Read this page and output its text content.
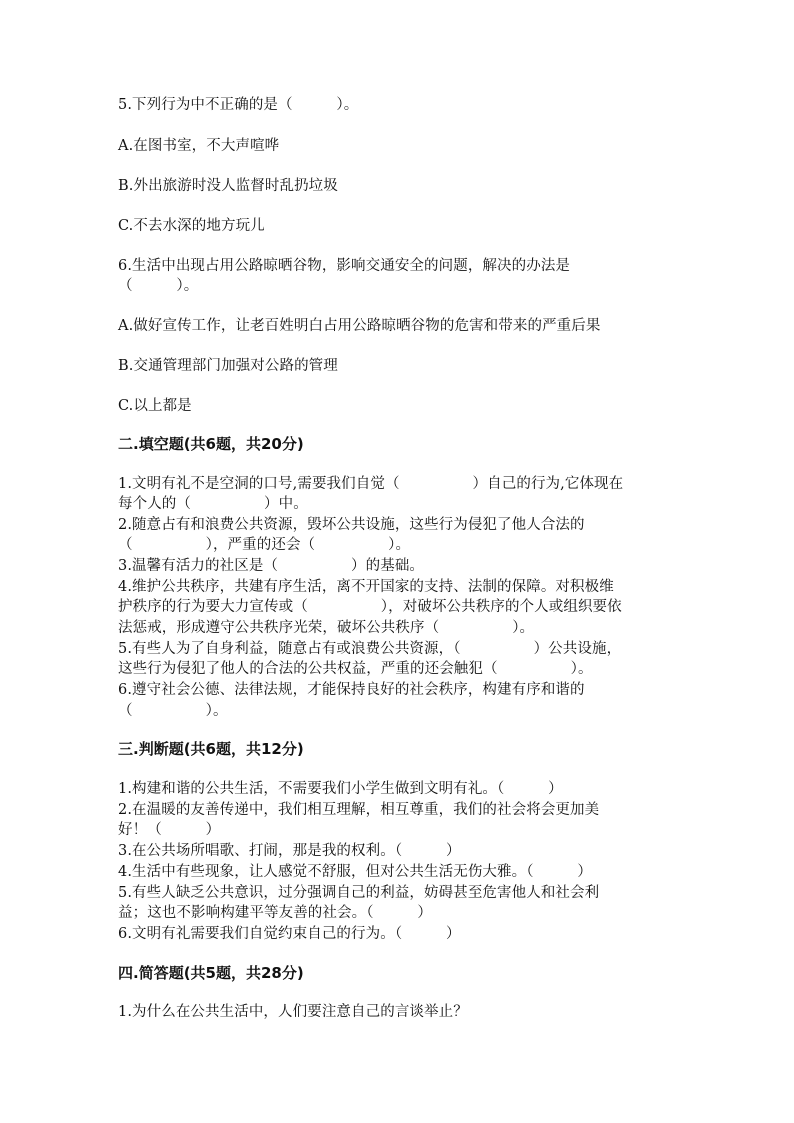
5.下列行为中不正确的是（　　　）。
A.在图书室，不大声喧哗
B.外出旅游时没人监督时乱扔垃圾
C.不去水深的地方玩儿
6.生活中出现占用公路晾晒谷物，影响交通安全的问题，解决的办法是
（　　　）。
A.做好宣传工作，让老百姓明白占用公路晾晒谷物的危害和带来的严重后果
B.交通管理部门加强对公路的管理
C.以上都是
二.填空题(共6题，共20分)
1.文明有礼不是空洞的口号,需要我们自觉（　　　　　）自己的行为,它体现在
每个人的（　　　　　）中。
2.随意占有和浪费公共资源，毁坏公共设施，这些行为侵犯了他人合法的
（　　　　　），严重的还会（　　　　　）。
3.温馨有活力的社区是（　　　　　）的基础。
4.维护公共秩序，共建有序生活，离不开国家的支持、法制的保障。对积极维
护秩序的行为要大力宣传或（　　　　　），对破坏公共秩序的个人或组织要依
法惩戒，形成遵守公共秩序光荣，破坏公共秩序（　　　　　）。
5.有些人为了自身利益，随意占有或浪费公共资源，（　　　　　）公共设施，
这些行为侵犯了他人的合法的公共权益，严重的还会触犯（　　　　　）。
6.遵守社会公德、法律法规，才能保持良好的社会秩序，构建有序和谐的
（　　　　　）。
三.判断题(共6题，共12分)
1.构建和谐的公共生活，不需要我们小学生做到文明有礼。（　　　）
2.在温暖的友善传递中，我们相互理解，相互尊重，我们的社会将会更加美
好！（　　　）
3.在公共场所唱歌、打闹，那是我的权利。（　　　）
4.生活中有些现象，让人感觉不舒服，但对公共生活无伤大雅。（　　　）
5.有些人缺乏公共意识，过分强调自己的利益，妨碍甚至危害他人和社会利
益；这也不影响构建平等友善的社会。（　　　）
6.文明有礼需要我们自觉约束自己的行为。（　　　）
四.简答题(共5题，共28分)
1.为什么在公共生活中，人们要注意自己的言谈举止？
